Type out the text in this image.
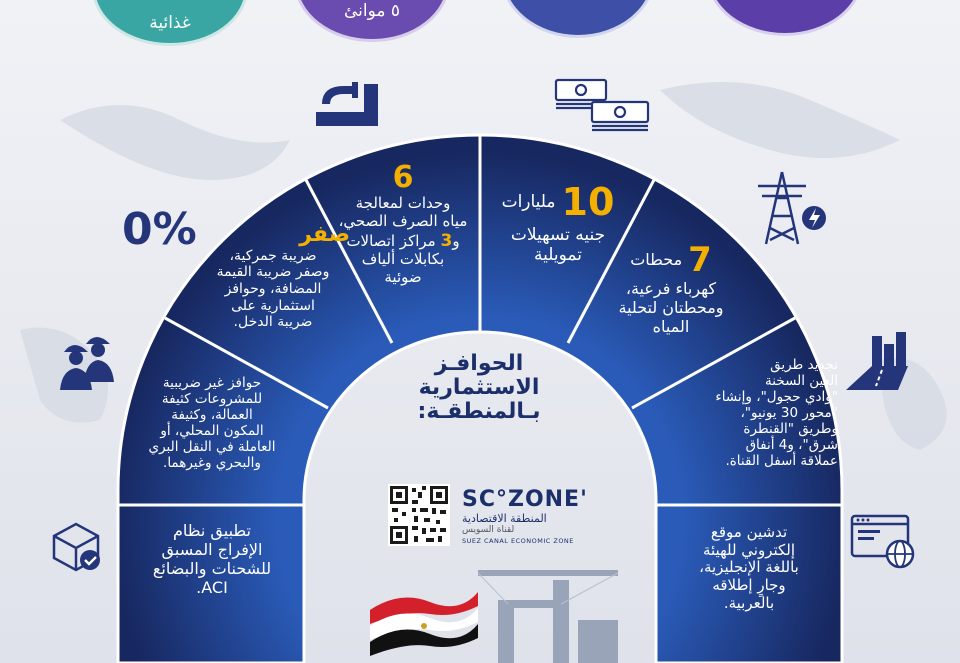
غذائية
٥ موانئ
6
وحدات لمعالجة
مياه الصرف الصحي،
و3 مراكز اتصالات
بكابلات ألياف
ضوئية
10
مليارات
جنيه تسهيلات
تمويلية
صفر
ضريبة جمركية،
وصفر ضريبة القيمة
المضافة، وحوافز
استثمارية على
ضريبة الدخل.
7
محطات
كهرباء فرعية،
ومحطتان لتحلية
المياه
حوافز غير ضريبية
للمشروعات كثيفة
العمالة، وكثيفة
المكون المحلي، أو
العاملة في النقل البري
والبحري وغيرهما.
تجديد طريق
العين السخنة
"وادي حجول"، وإنشاء
"محور 30 يونيو"،
وطريق "القنطرة
شرق"، و4 أنفاق
عملاقة أسفل القناة.
تطبيق نظام
الإفراج المسبق
للشحنات والبضائع
ACI.
تدشين موقع
إلكتروني للهيئة
باللغة الإنجليزية،
وجارٍ إطلاقه
بالعربية.
الحوافـز
الاستثمارية
بـالمنطقـة:
SC°ZONE'
المنطقة الاقتصادية
لقناة السويس
SUEZ CANAL ECONOMIC ZONE
0%
